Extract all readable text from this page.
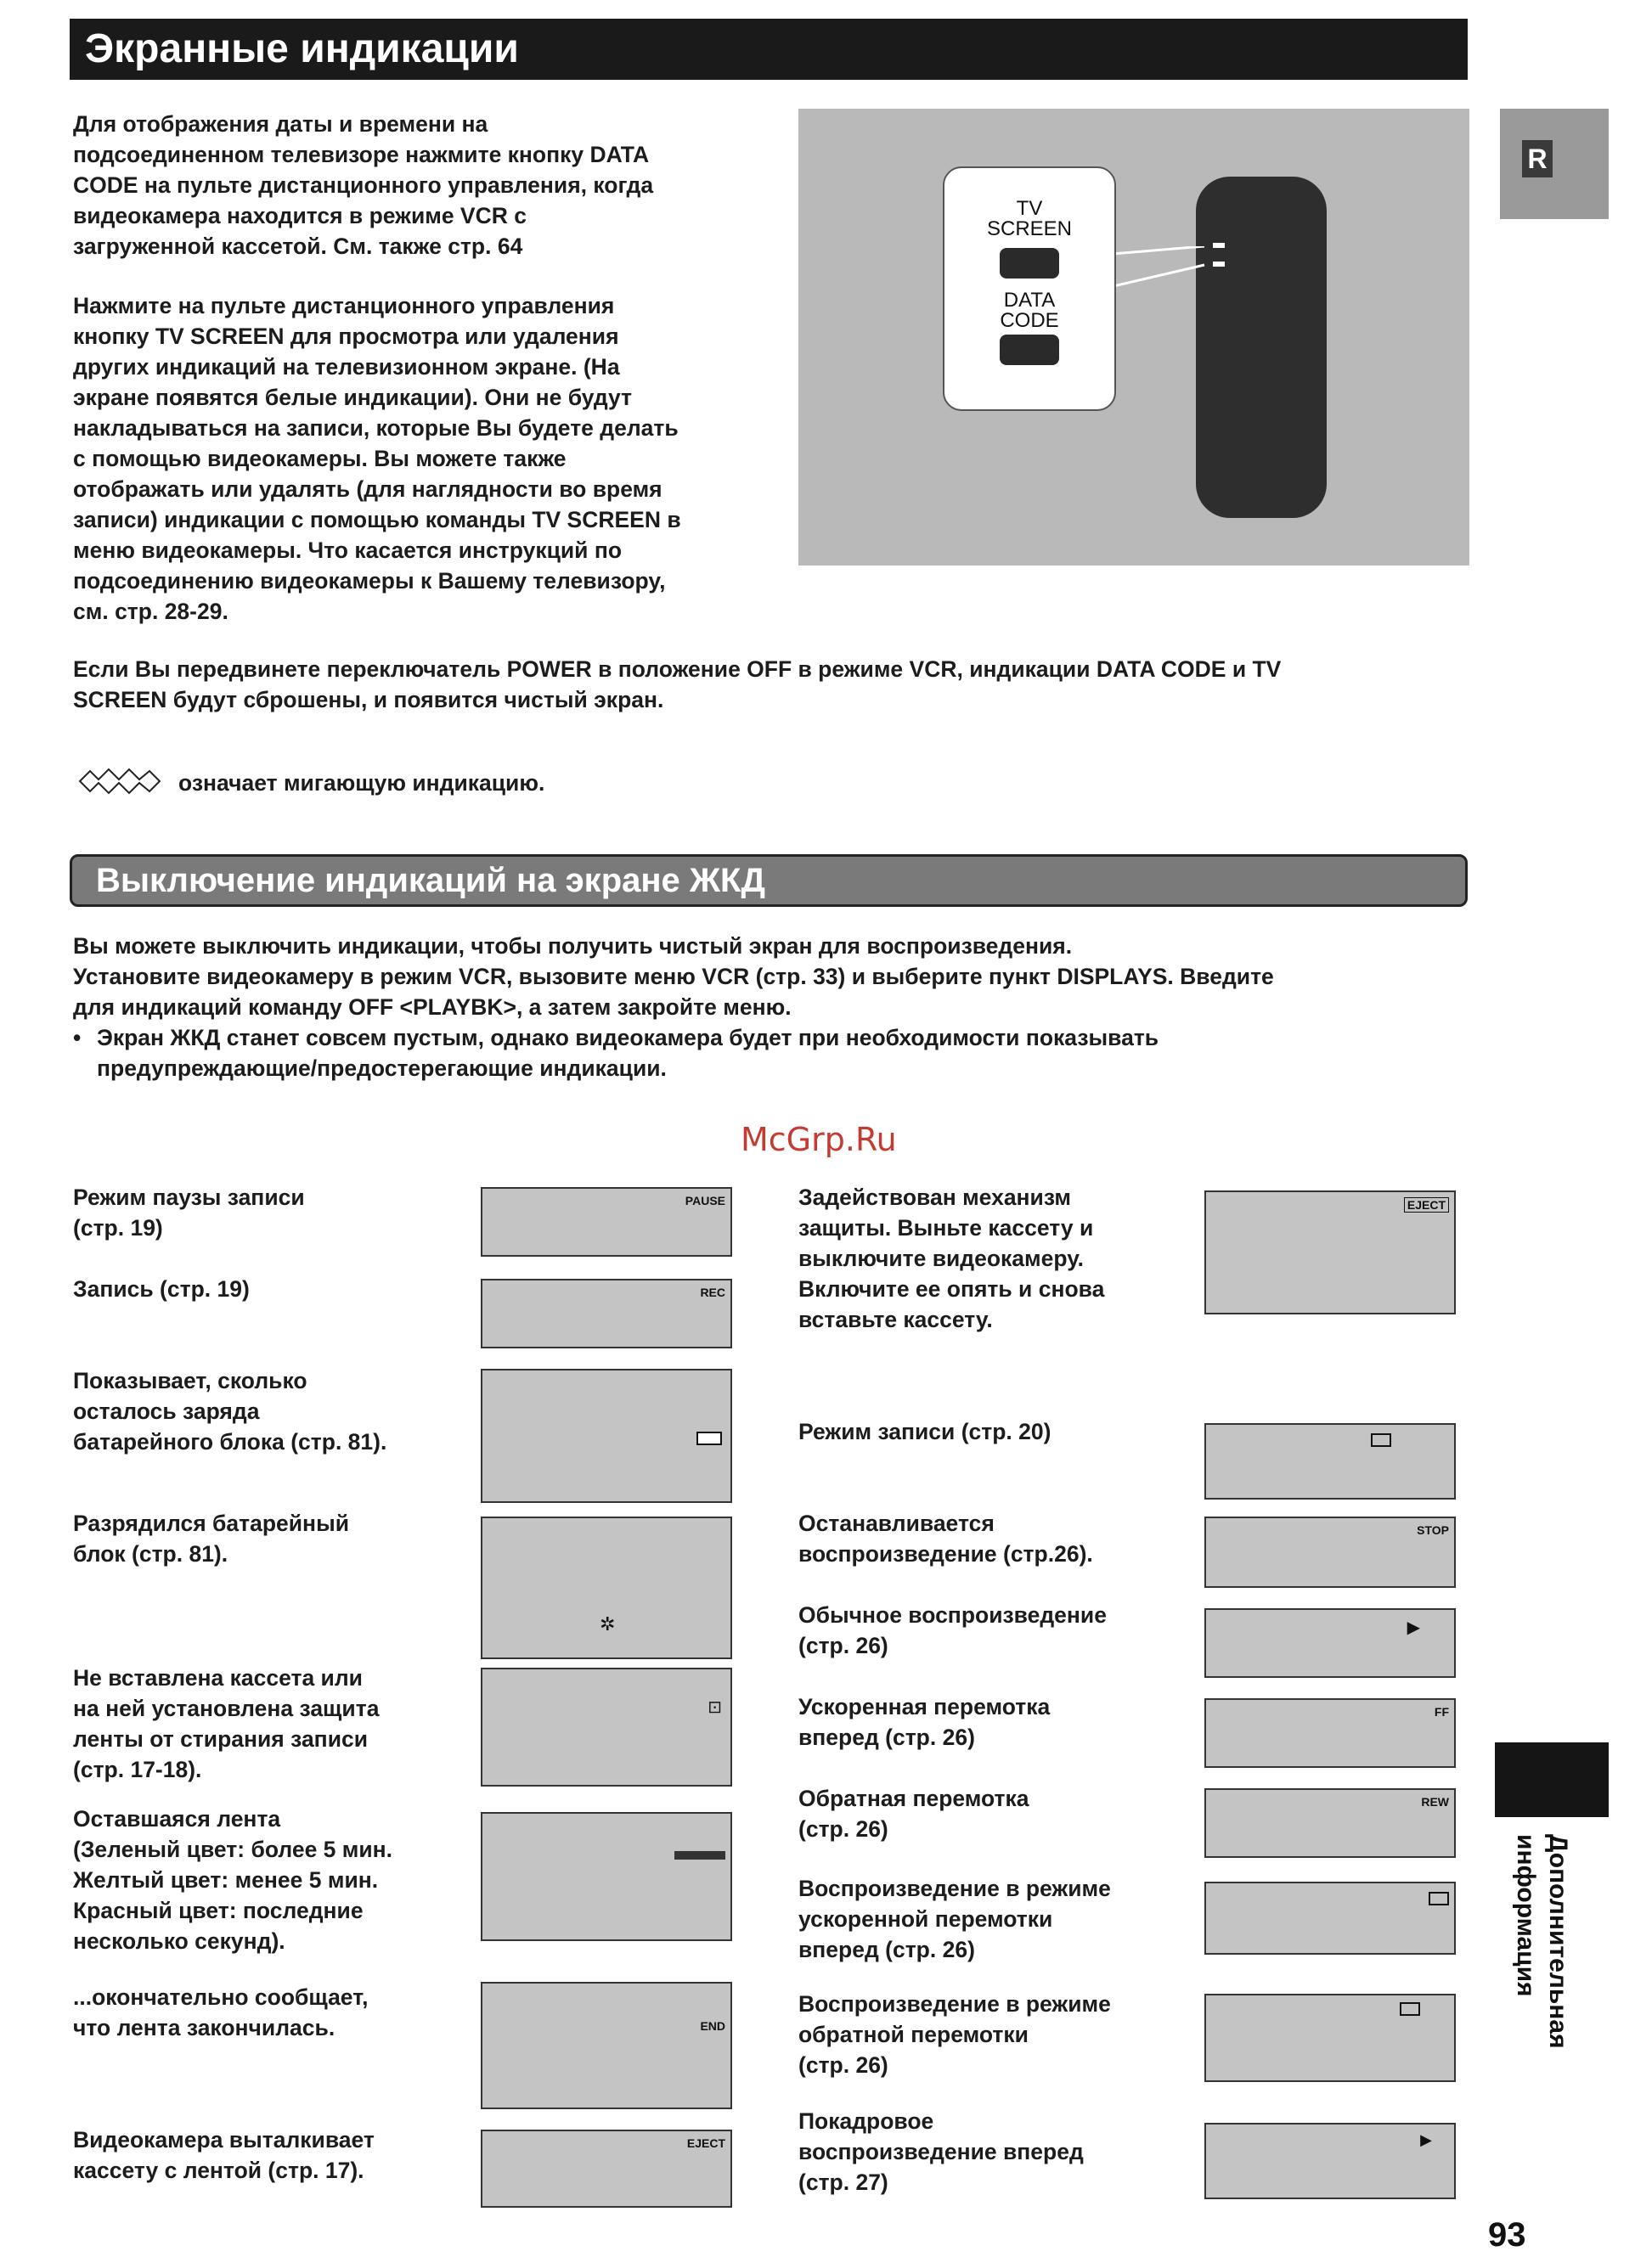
Экранные индикации
Для отображения даты и времени на
подсоединенном телевизоре нажмите кнопку DATA
CODE на пульте дистанционного управления, когда
видеокамера находится в режиме VCR с
загруженной кассетой. См. также стр. 64
Нажмите на пульте дистанционного управления
кнопку TV SCREEN для просмотра или удаления
других индикаций на телевизионном экране. (На
экране появятся белые индикации). Они не будут
накладываться на записи, которые Вы будете делать
с помощью видеокамеры. Вы можете также
отображать или удалять (для наглядности во время
записи) индикации с помощью команды TV SCREEN в
меню видеокамеры. Что касается инструкций по
подсоединению видеокамеры к Вашему телевизору,
см. стр. 28-29.
TV
SCREEN
DATA
CODE
R
Если Вы передвинете переключатель POWER в положение OFF в режиме VCR, индикации DATA CODE и TV
SCREEN будут сброшены, и появится чистый экран.
означает мигающую индикацию.
Выключение индикаций на экране ЖКД
Вы можете выключить индикации, чтобы получить чистый экран для воспроизведения.
Установите видеокамеру в режим VCR, вызовите меню VCR (стр. 33) и выберите пункт DISPLAYS. Введите
для индикаций команду OFF <PLAYBK>, а затем закройте меню.
• Экран ЖКД станет совсем пустым, однако видеокамера будет при необходимости показывать
предупреждающие/предостерегающие индикации.
McGrp.Ru
Режим паузы записи
(стр. 19)
PAUSE
Запись (стр. 19)	REC
Показывает, сколько
осталось заряда
батарейного блока (стр. 81).
Разрядился батарейный
блок (стр. 81).
✲
Не вставлена кассета или
на ней установлена защита
ленты от стирания записи
(стр. 17-18).
⊡
Оставшаяся лента
(Зеленый цвет: более 5 мин.
Желтый цвет: менее 5 мин.
Красный цвет: последние
несколько секунд).
...окончательно сообщает,
что лента закончилась.	END
Видеокамера выталкивает
кассету с лентой (стр. 17).
EJECT
Задействован механизм
защиты. Выньте кассету и
выключите видеокамеру.
Включите ее опять и снова
вставьте кассету.
EJECT
Режим записи (стр. 20)
Останавливается
воспроизведение (стр.26).
STOP
Обычное воспроизведение
(стр. 26)
▶
Ускоренная перемотка
вперед (стр. 26)
FF
Обратная перемотка
(стр. 26)
REW
Воспроизведение в режиме
ускоренной перемотки
вперед (стр. 26)
Воспроизведение в режиме
обратной перемотки
(стр. 26)
Покадровое
воспроизведение вперед
(стр. 27)
▶
Дополнительная
информация
93
